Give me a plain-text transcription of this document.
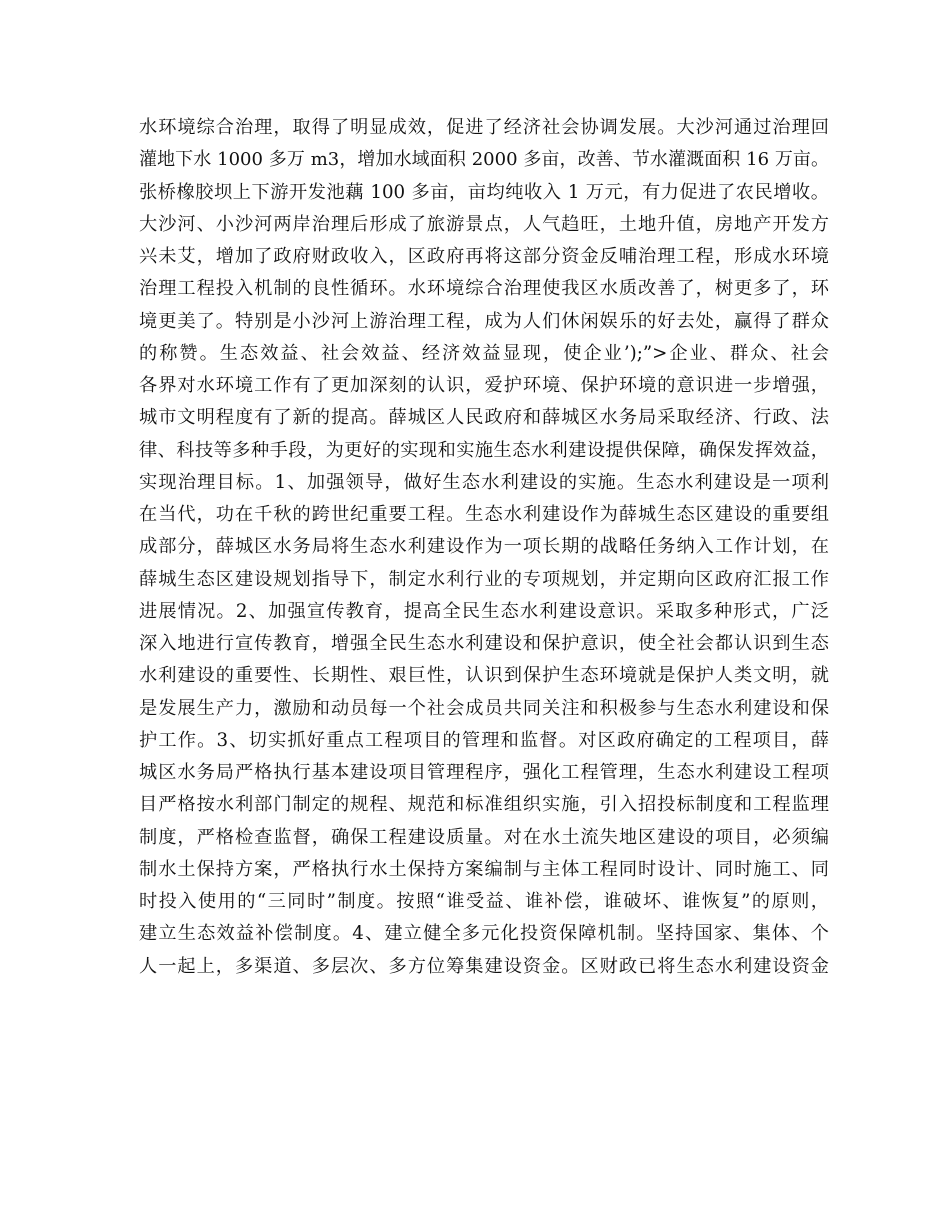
水环境综合治理，取得了明显成效，促进了经济社会协调发展。大沙河通过治理回
灌地下水 1000 多万 m3，增加水域面积 2000 多亩，改善、节水灌溉面积 16 万亩。
张桥橡胶坝上下游开发池藕 100 多亩，亩均纯收入 1 万元，有力促进了农民增收。
大沙河、小沙河两岸治理后形成了旅游景点，人气趋旺，土地升值，房地产开发方
兴未艾，增加了政府财政收入，区政府再将这部分资金反哺治理工程，形成水环境
治理工程投入机制的良性循环。水环境综合治理使我区水质改善了，树更多了，环
境更美了。特别是小沙河上游治理工程，成为人们休闲娱乐的好去处，赢得了群众
的称赞。生态效益、社会效益、经济效益显现，使企业’);”>企业、群众、社会
各界对水环境工作有了更加深刻的认识，爱护环境、保护环境的意识进一步增强，
城市文明程度有了新的提高。薛城区人民政府和薛城区水务局采取经济、行政、法
律、科技等多种手段，为更好的实现和实施生态水利建设提供保障，确保发挥效益，
实现治理目标。1、加强领导，做好生态水利建设的实施。生态水利建设是一项利
在当代，功在千秋的跨世纪重要工程。生态水利建设作为薛城生态区建设的重要组
成部分，薛城区水务局将生态水利建设作为一项长期的战略任务纳入工作计划，在
薛城生态区建设规划指导下，制定水利行业的专项规划，并定期向区政府汇报工作
进展情况。2、加强宣传教育，提高全民生态水利建设意识。采取多种形式，广泛
深入地进行宣传教育，增强全民生态水利建设和保护意识，使全社会都认识到生态
水利建设的重要性、长期性、艰巨性，认识到保护生态环境就是保护人类文明，就
是发展生产力，激励和动员每一个社会成员共同关注和积极参与生态水利建设和保
护工作。3、切实抓好重点工程项目的管理和监督。对区政府确定的工程项目，薛
城区水务局严格执行基本建设项目管理程序，强化工程管理，生态水利建设工程项
目严格按水利部门制定的规程、规范和标准组织实施，引入招投标制度和工程监理
制度，严格检查监督，确保工程建设质量。对在水土流失地区建设的项目，必须编
制水土保持方案，严格执行水土保持方案编制与主体工程同时设计、同时施工、同
时投入使用的“三同时”制度。按照“谁受益、谁补偿，谁破坏、谁恢复”的原则，
建立生态效益补偿制度。4、建立健全多元化投资保障机制。坚持国家、集体、个
人一起上，多渠道、多层次、多方位筹集建设资金。区财政已将生态水利建设资金
